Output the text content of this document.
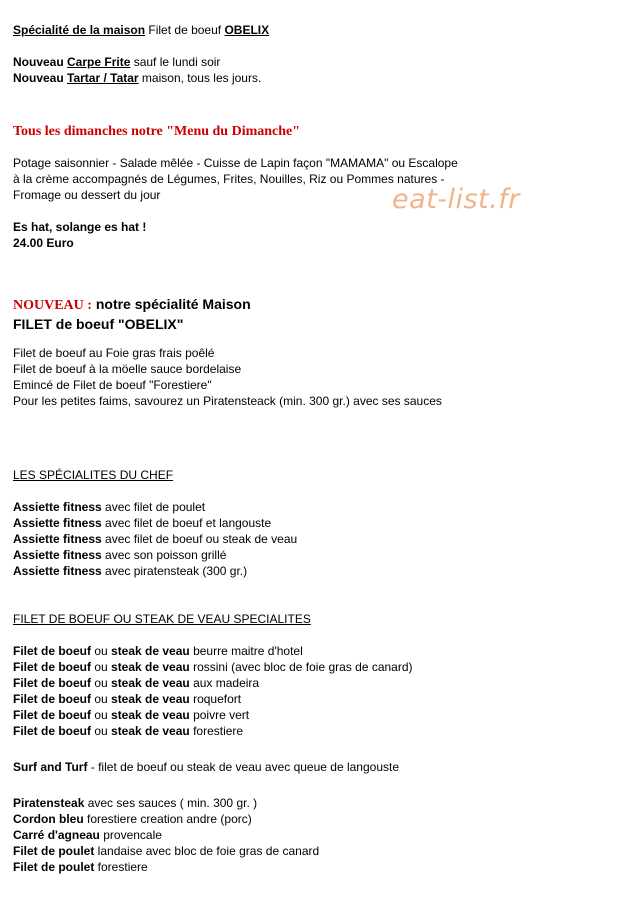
eat-list.fr
Spécialité de la maison Filet de boeuf OBELIX
Nouveau Carpe Frite sauf le lundi soir
Nouveau Tartar / Tatar maison, tous les jours.
Tous les dimanches notre "Menu du Dimanche"
Potage saisonnier - Salade mêlée - Cuisse de Lapin façon "MAMAMA" ou Escalope
à la crème accompagnés de Légumes, Frites, Nouilles, Riz ou Pommes natures -
Fromage ou dessert du jour
Es hat, solange es hat !
24.00 Euro
NOUVEAU : notre spécialité Maison
FILET de boeuf "OBELIX"
Filet de boeuf au Foie gras frais poêlé
Filet de boeuf à la möelle sauce bordelaise
Emincé de Filet de boeuf "Forestiere"
Pour les petites faims, savourez un Piratensteack (min. 300 gr.) avec ses sauces
LES SPÉCIALITES DU CHEF
Assiette fitness avec filet de poulet
Assiette fitness avec filet de boeuf et langouste
Assiette fitness avec filet de boeuf ou steak de veau
Assiette fitness avec son poisson grillé
Assiette fitness avec piratensteak (300 gr.)
FILET DE BOEUF OU STEAK DE VEAU SPECIALITES
Filet de boeuf ou steak de veau beurre maitre d'hotel
Filet de boeuf ou steak de veau rossini (avec bloc de foie gras de canard)
Filet de boeuf ou steak de veau aux madeira
Filet de boeuf ou steak de veau roquefort
Filet de boeuf ou steak de veau poivre vert
Filet de boeuf ou steak de veau forestiere
Surf and Turf - filet de boeuf ou steak de veau avec queue de langouste
Piratensteak avec ses sauces ( min. 300 gr. )
Cordon bleu forestiere creation andre (porc)
Carré d'agneau provencale
Filet de poulet landaise avec bloc de foie gras de canard
Filet de poulet forestiere
